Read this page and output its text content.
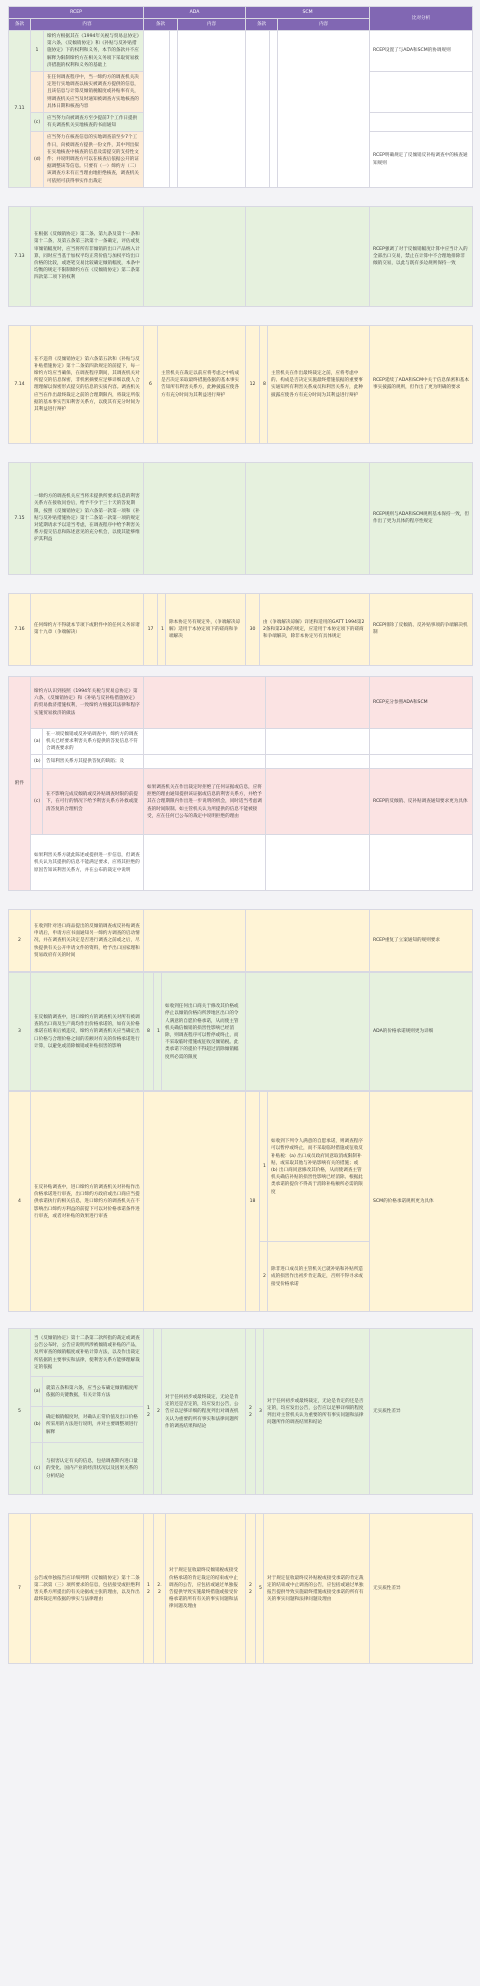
RCEP			ADA			SCM			比对分析
条款	内容		条款		内容	条款		内容	
7.11	1	缔约方根据其在《1994年关税与贸易总协定》第六条、《反倾销协定》和《补贴与反补贴措施协定》下的权利和义务，本节的条款并不应解释为限制缔约方在相关义务项下采取贸易救济措施的权利和义务的基础上							RCEP设置了与ADA和SCM的协调规则
		在任何调查程序中，当一缔约方的调查机关决定进行实地调查以核实被调查方提供的信息，且该信息与计算反倾销税幅度或补贴率有关，则调查机关应当及时通知被调查方实地核查的具体日期和核查内容							
	(c)	应当努力向被调查方至少提前7个工作日提供有关调查机关实地核查的书面通知							
	(d)	应当努力在核查信息的实地调查前至少7个工作日，向被调查方提供一份文件，其中列出拟在实地核查中核查的信息及需提交的支持性文件；并说明调查方可以在核查后依据公开的证据调整该等信息。只要有（一）缔约方（二）该调查方未有正当理由地拒绝核查，调查机关可依照可获得事实作出裁定							RCEP明确规定了反倾销反补贴调查中的核查通知规则
7.13	在根据《反倾销协定》第二条、第九条及第十一条和第十二条，及第五条第三款第十一条确定，评估或复审倾销幅度时，应当将所有非倾销的出口产品纳入计算，同时应当基于加权平均正常价值与加权平均出口价格的比较，或逐笔交易比较确定倾销幅度，本条中均衡的规定不限制缔约方在《反倾销协定》第二条第四款第二项下的权利			RCEP强调了对于反倾销幅度计算中应当计入的全部出口交易，禁止在计算中不合理地排除非倾销交易，以此与既有多边规则保持一致
7.14	在不违背《反倾销协定》第六条第五款和《补贴与反补贴措施协定》第十二条第四款规定的前提下，每一缔约方均应当确保，在调查程序期间，其调查机关对所提交的信息保密，非机密摘要应足够详细以使人合理理解以保密形式提交的信息的实质内容。调查机关应当在作出最终裁定之前的合理期限内，将裁定所依据的基本事实告知利害关系方，以使其有充分时间为其利益进行辩护	6	主管机关在裁定以前应将考虑之中构成是否决定采取最终措施依据的基本事实告知所有利害关系方，此种披露应使各方有充分时间为其利益进行辩护	12	8	主管机关在作出最终裁定之前，应将考虑中的、构成是否决定实施最终措施依据的重要事实通知所有利害关系成员和利害关系方，此种披露应使各方有充分时间为其利益进行辩护	RCEP延续了ADA和SCM中关于信息保密和基本事实披露的规则，但作出了更为明确的要求
7.15	一缔约方的调查机关应当将未提供所要求信息的利害关系方在接收问卷后，给予不少于三十天的答复期限，按照《反倾销协定》第六条第一款第一项和《补贴与反补贴措施协定》第十二条第一款第一项的规定对延期请求予以适当考虑，在调查程序中给予利害关系方提交信息和陈述意见的充分机会，以使其能够维护其利益			RCEP规则与ADA和SCM规则基本保持一致，但作出了更为具体的程序性规定
7.16	任何缔约方不得就本节项下或附件中的任何义务诉诸第十九章（争端解决）	17	1	除本协定另有规定外，《争端解决谅解》适用于本协定项下的磋商和争端解决	30	由《争端解决谅解》详述和适用的GATT 1994第22条和第23条的规定，应适用于本协定项下的磋商和争端解决，除非本协定另有具体规定	RCEP排除了反倾销、反补贴事项的争端解决机制
附件	缔约方认识到按照《1994年关税与贸易总协定》第六条、《反倾销协定》和《补贴与反补贴措施协定》的贸易救济措施权利，一致缔约方根据其法律和程序实施贸易救济的做法				RCEP充分参照ADA和SCM
	(a)	在一项反倾销或反补贴调查中，缔约方的调查机关已经要求利害关系方提供的答复信息不符合调查要求的			
	(b)	告知利害关系方其提供答复的缺陷；及			
	(c)	在不影响完成反倾销或反补贴调查时限的前提下，在可行的情况下给予利害关系方补救或澄清答复的合理机会	如果调查机关在作出裁定时拒绝了任何证据或信息，应将拒绝的理由通知提供该证据或信息的利害关系方，并给予其在合理期限内作出进一步说明的机会，同时适当考虑调查的时间限制。如主管机关认为所提供的信息不能被接受，应在任何已公布的裁定中说明拒绝的理由		RCEP的反倾销、反补贴调查通知要求更为具体
	如果利害关系方就此陈述或提供进一步信息，但调查机关认为其提供的信息不能满足要求，应将其拒绝的原因告知该利害关系方，并在公布的裁定中说明				
2	在收到针对进口商品提出的反倾销调查或反补贴调查申请后，申请方应书面通知另一缔约方调查的启动情况，并在调查机关决定是否进行调查之前或之后，尽快提供有关公开申请文件的资料，给予出口国家理和贸易政府有关的时间			RCEP重复了立案通知的规则要求
3	在反倾销调查中，进口缔约方的调查机关对所有被调查的出口商及生产商均作出价格承诺的，如有关价格承诺在结束后被违反，缔约方的调查机关应当确定出口价格与合理价格之间的差额对有关的价格承诺进行计算，以避免或消除倾销或补贴损害的影响	8	1	如收到任何出口商关于修改其价格或停止以倾销价格向所涉地区出口的令人满意的自愿价格承诺，从而使主管机关确信倾销的损害性影响已经消除，则调查程序可以暂停或终止，而不采取临时措施或征收反倾销税。此类承诺下的提价不得超过消除倾销幅度所必需的限度		ADA的价格承诺规则更为详细
4	在反补贴调查中，进口缔约方的调查机关对补贴作出价格承诺进行审查，出口缔约方政府或出口商应当提供承诺执行的相关信息，进口缔约方的调查机关在不影响出口缔约方利益的前提下可以对价格承诺条件进行审查，或者对补贴的效果进行审查		18	1	如收到下列令人满意的自愿承诺，则调查程序可以暂停或终止，而不采取临时措施或征收反补贴税：(a) 出口成员政府同意取消或限制补贴，或采取其他与补贴影响有关的措施；或 (b) 出口商同意修改其价格，从而使调查主管机关确信补贴的损害性影响已经消除。根据此类承诺的提价不得高于消除补贴额所必需的限度	SCM的价格承诺规则更为具体
				2	除非进口成员的主管机关已就补贴和补贴所造成的损害作出初步肯定裁定，否则不得寻求或接受价格承诺	
5	当《反倾销协定》第十二条第二款所指的裁定或调查公告公布时，公告应说明所涉被倾销或补贴的产品，及所审查的倾销幅度或补贴计算方法，以及作出裁定所依据的主要事实和法律，使利害关系方能够理解裁定的依据		12	2	对于任何初步或最终裁定，无论是肯定的还是否定的，均应发出公告，公告应以足够详细的程度列出对调查机关认为重要的所有事实和法律问题所作的调查结果和结论	22	3	对于任何初步或最终裁定，无论是肯定的还是否定的，均应发出公告，公告应以足够详细的程度列出对主管机关认为重要的所有事实问题和法律问题所作的调查结果和结论	无实质性差异
	(a)	就第五条和第六条，应当公布确定倾销幅度所依据的关键数据，有关计算方法							
	(b)	确定倾销幅度时，对确认正常价值及出口价格所采用的方法进行说明，并对主要调整项进行解释							
	(c)	与损害认定有关的信息，包括调查期内进口量的变化、国内产业的经济状况以及因果关系的分析结论							
7	公告或单独报告应详细列明《反倾销协定》第十二条第二款第（三）项所要求的信息，包括接受或拒绝利害关系方所提出的有关论据或主张的理由，以及作出最终裁定所依据的事实与法律理由	12	2.2	对于规定征收最终反倾销税或接受价格承诺的肯定裁定的结束或中止调查的公告，应包括或通过单独报告提供导致实施最终措施或接受价格承诺的所有有关的事实问题和法律问题及理由	22	5	对于规定征收最终反补贴税或接受承诺的肯定裁定的结束或中止调查的公告，应包括或通过单独报告提供导致实施最终措施或接受承诺的所有有关的事实问题和法律问题及理由	无实质性差异
